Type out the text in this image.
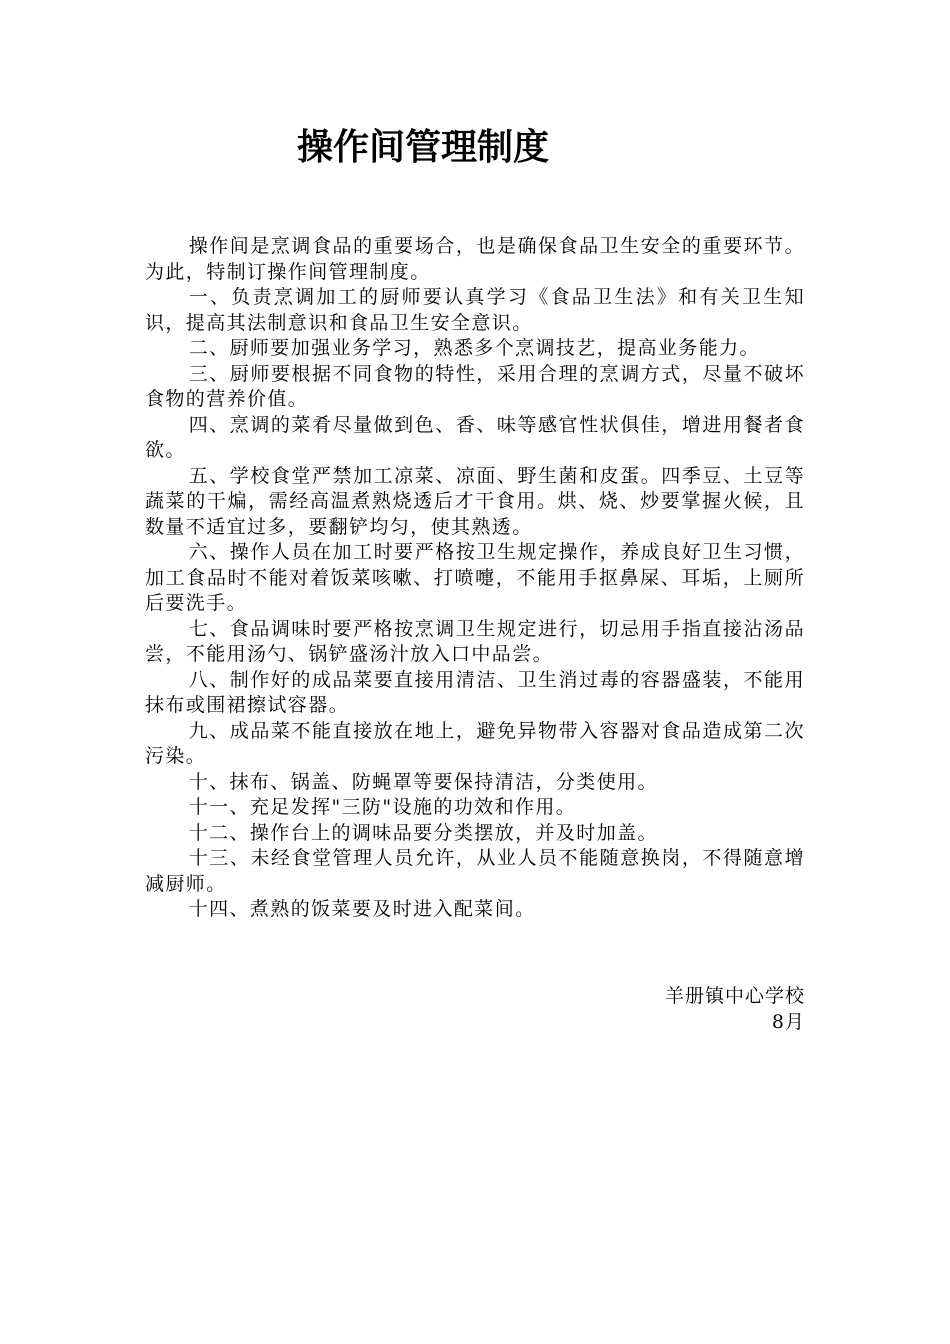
操作间管理制度

操作间是烹调食品的重要场合，也是确保食品卫生安全的重要环节。为此，特制订操作间管理制度。

一、负责烹调加工的厨师要认真学习《食品卫生法》和有关卫生知识，提高其法制意识和食品卫生安全意识。

二、厨师要加强业务学习，熟悉多个烹调技艺，提高业务能力。

三、厨师要根据不同食物的特性，采用合理的烹调方式，尽量不破坏食物的营养价值。

四、烹调的菜肴尽量做到色、香、味等感官性状俱佳，增进用餐者食欲。

五、学校食堂严禁加工凉菜、凉面、野生菌和皮蛋。四季豆、土豆等蔬菜的干煸，需经高温煮熟烧透后才干食用。烘、烧、炒要掌握火候，且数量不适宜过多，要翻铲均匀，使其熟透。

六、操作人员在加工时要严格按卫生规定操作，养成良好卫生习惯，加工食品时不能对着饭菜咳嗽、打喷嚏，不能用手抠鼻屎、耳垢，上厕所后要洗手。

七、食品调味时要严格按烹调卫生规定进行，切忌用手指直接沾汤品尝，不能用汤勺、锅铲盛汤汁放入口中品尝。

八、制作好的成品菜要直接用清洁、卫生消过毒的容器盛装，不能用抹布或围裙擦试容器。

九、成品菜不能直接放在地上，避免异物带入容器对食品造成第二次污染。

十、抹布、锅盖、防蝇罩等要保持清洁，分类使用。

十一、充足发挥"三防"设施的功效和作用。

十二、操作台上的调味品要分类摆放，并及时加盖。

十三、未经食堂管理人员允许，从业人员不能随意换岗，不得随意增减厨师。

十四、煮熟的饭菜要及时进入配菜间。

羊册镇中心学校
8月
